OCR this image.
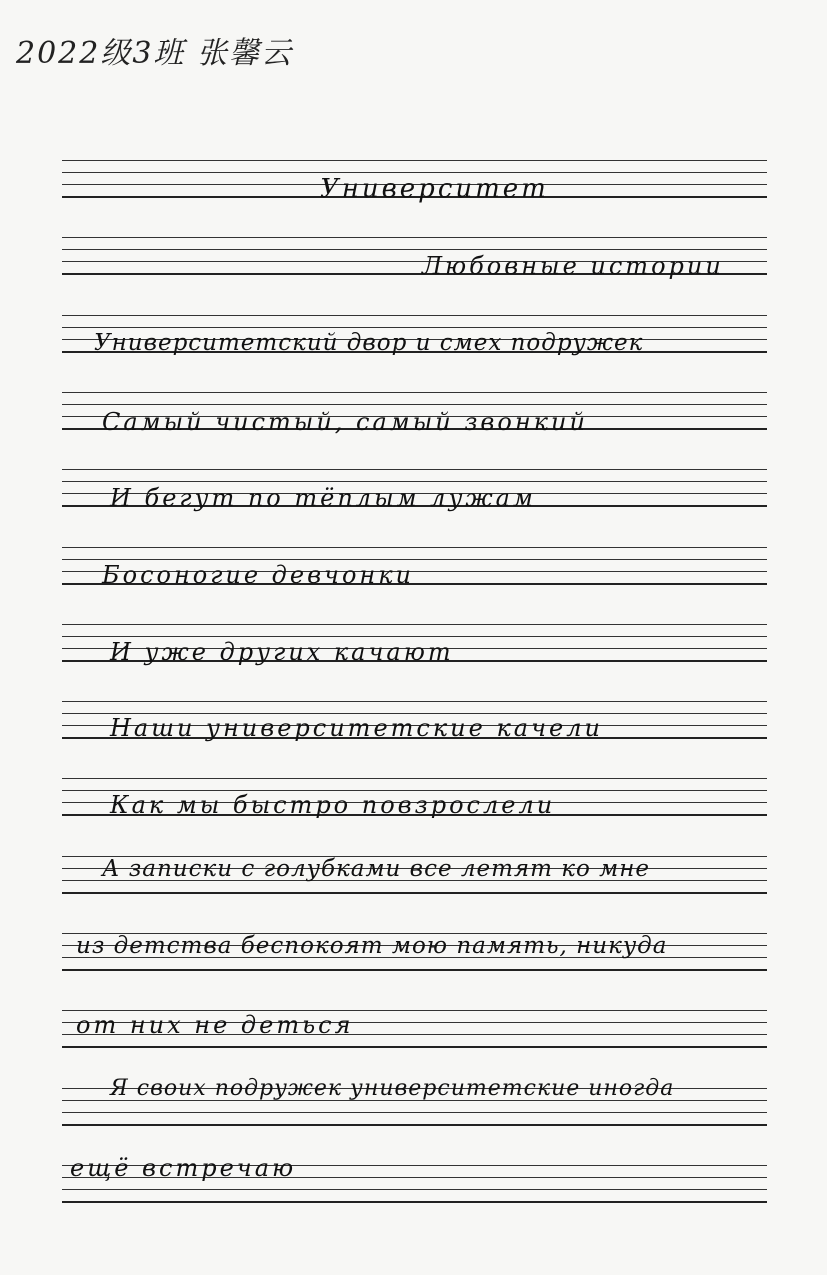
2022级3班 张馨云
Университет
Любовные истории
Университетский двор и смех подружек
Самый чистый, самый звонкий
И бегут по тёплым лужам
Босоногие девчонки
И уже других качают
Наши университетские качели
Как мы быстро повзрослели
А записки с голубками все летят ко мне
из детства беспокоят мою память, никуда
от них не деться
Я своих подружек университетские иногда
ещё встречаю
